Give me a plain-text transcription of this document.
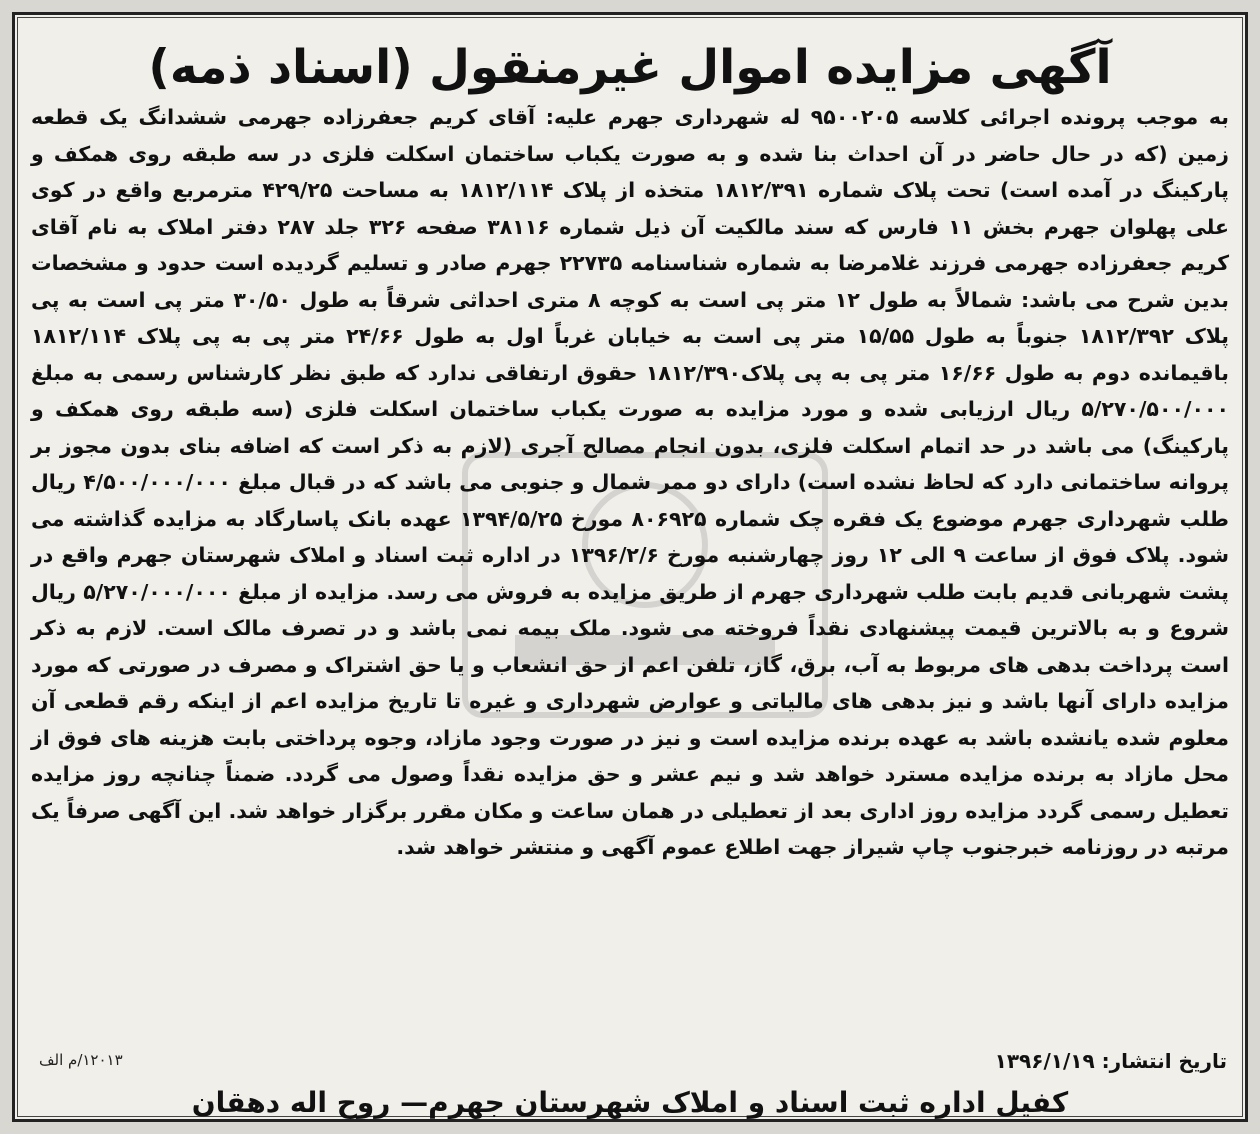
آگهی مزایده اموال غیرمنقول (اسناد ذمه)
به موجب پرونده اجرائی کلاسه ۹۵۰۰۲۰۵ له شهرداری جهرم علیه: آقای کریم جعفرزاده جهرمی ششدانگ یک قطعه زمین (که در حال حاضر در آن احداث بنا شده و به صورت یکباب ساختمان اسکلت فلزی در سه طبقه روی همکف و پارکینگ در آمده است) تحت پلاک شماره ۱۸۱۲/۳۹۱ متخذه از پلاک ۱۸۱۲/۱۱۴ به مساحت ۴۲۹/۲۵ مترمربع واقع در کوی علی پهلوان جهرم بخش ۱۱ فارس که سند مالکیت آن ذیل شماره ۳۸۱۱۶ صفحه ۳۲۶ جلد ۲۸۷ دفتر املاک به نام آقای کریم جعفرزاده جهرمی فرزند غلامرضا به شماره شناسنامه ۲۲۷۳۵ جهرم صادر و تسلیم گردیده است حدود و مشخصات بدین شرح می باشد: شمالاً به طول ۱۲ متر پی است به کوچه ۸ متری احداثی شرقاً به طول ۳۰/۵۰ متر پی است به پی پلاک ۱۸۱۲/۳۹۲ جنوباً به طول ۱۵/۵۵ متر پی است به خیابان غرباً اول به طول ۲۴/۶۶ متر پی به پی پلاک ۱۸۱۲/۱۱۴ باقیمانده دوم به طول ۱۶/۶۶ متر پی به پی پلاک۱۸۱۲/۳۹۰ حقوق ارتفاقی ندارد که طبق نظر کارشناس رسمی به مبلغ ۵/۲۷۰/۵۰۰/۰۰۰ ریال ارزیابی شده و مورد مزایده به صورت یکباب ساختمان اسکلت فلزی (سه طبقه روی همکف و پارکینگ) می باشد در حد اتمام اسکلت فلزی، بدون انجام مصالح آجری (لازم به ذکر است که اضافه بنای بدون مجوز بر پروانه ساختمانی دارد که لحاظ نشده است) دارای دو ممر شمال و جنوبی می باشد که در قبال مبلغ ۴/۵۰۰/۰۰۰/۰۰۰ ریال طلب شهرداری جهرم موضوع یک فقره چک شماره ۸۰۶۹۲۵ مورخ ۱۳۹۴/۵/۲۵ عهده بانک پاسارگاد به مزایده گذاشته می شود. پلاک فوق از ساعت ۹ الی ۱۲ روز چهارشنبه مورخ ۱۳۹۶/۲/۶ در اداره ثبت اسناد و املاک شهرستان جهرم واقع در پشت شهربانی قدیم بابت طلب شهرداری جهرم از طریق مزایده به فروش می رسد. مزایده از مبلغ ۵/۲۷۰/۰۰۰/۰۰۰ ریال شروع و به بالاترین قیمت پیشنهادی نقداً فروخته می شود. ملک بیمه نمی باشد و در تصرف مالک است. لازم به ذکر است پرداخت بدهی های مربوط به آب، برق، گاز، تلفن اعم از حق انشعاب و یا حق اشتراک و مصرف در صورتی که مورد مزایده دارای آنها باشد و نیز بدهی های مالیاتی و عوارض شهرداری و غیره تا تاریخ مزایده اعم از اینکه رقم قطعی آن معلوم شده یانشده باشد به عهده برنده مزایده است و نیز در صورت وجود مازاد، وجوه پرداختی بابت هزینه های فوق از محل مازاد به برنده مزایده مسترد خواهد شد و نیم عشر و حق مزایده نقداً وصول می گردد. ضمناً چنانچه روز مزایده تعطیل رسمی گردد مزایده روز اداری بعد از تعطیلی در همان ساعت و مکان مقرر برگزار خواهد شد. این آگهی صرفاً یک مرتبه در روزنامه خبرجنوب چاپ شیراز جهت اطلاع عموم آگهی و منتشر خواهد شد.
تاریخ انتشار: ۱۳۹۶/۱/۱۹
۱۲۰۱۳/م الف
کفیل اداره ثبت اسناد و املاک شهرستان جهرم— روح اله دهقان
